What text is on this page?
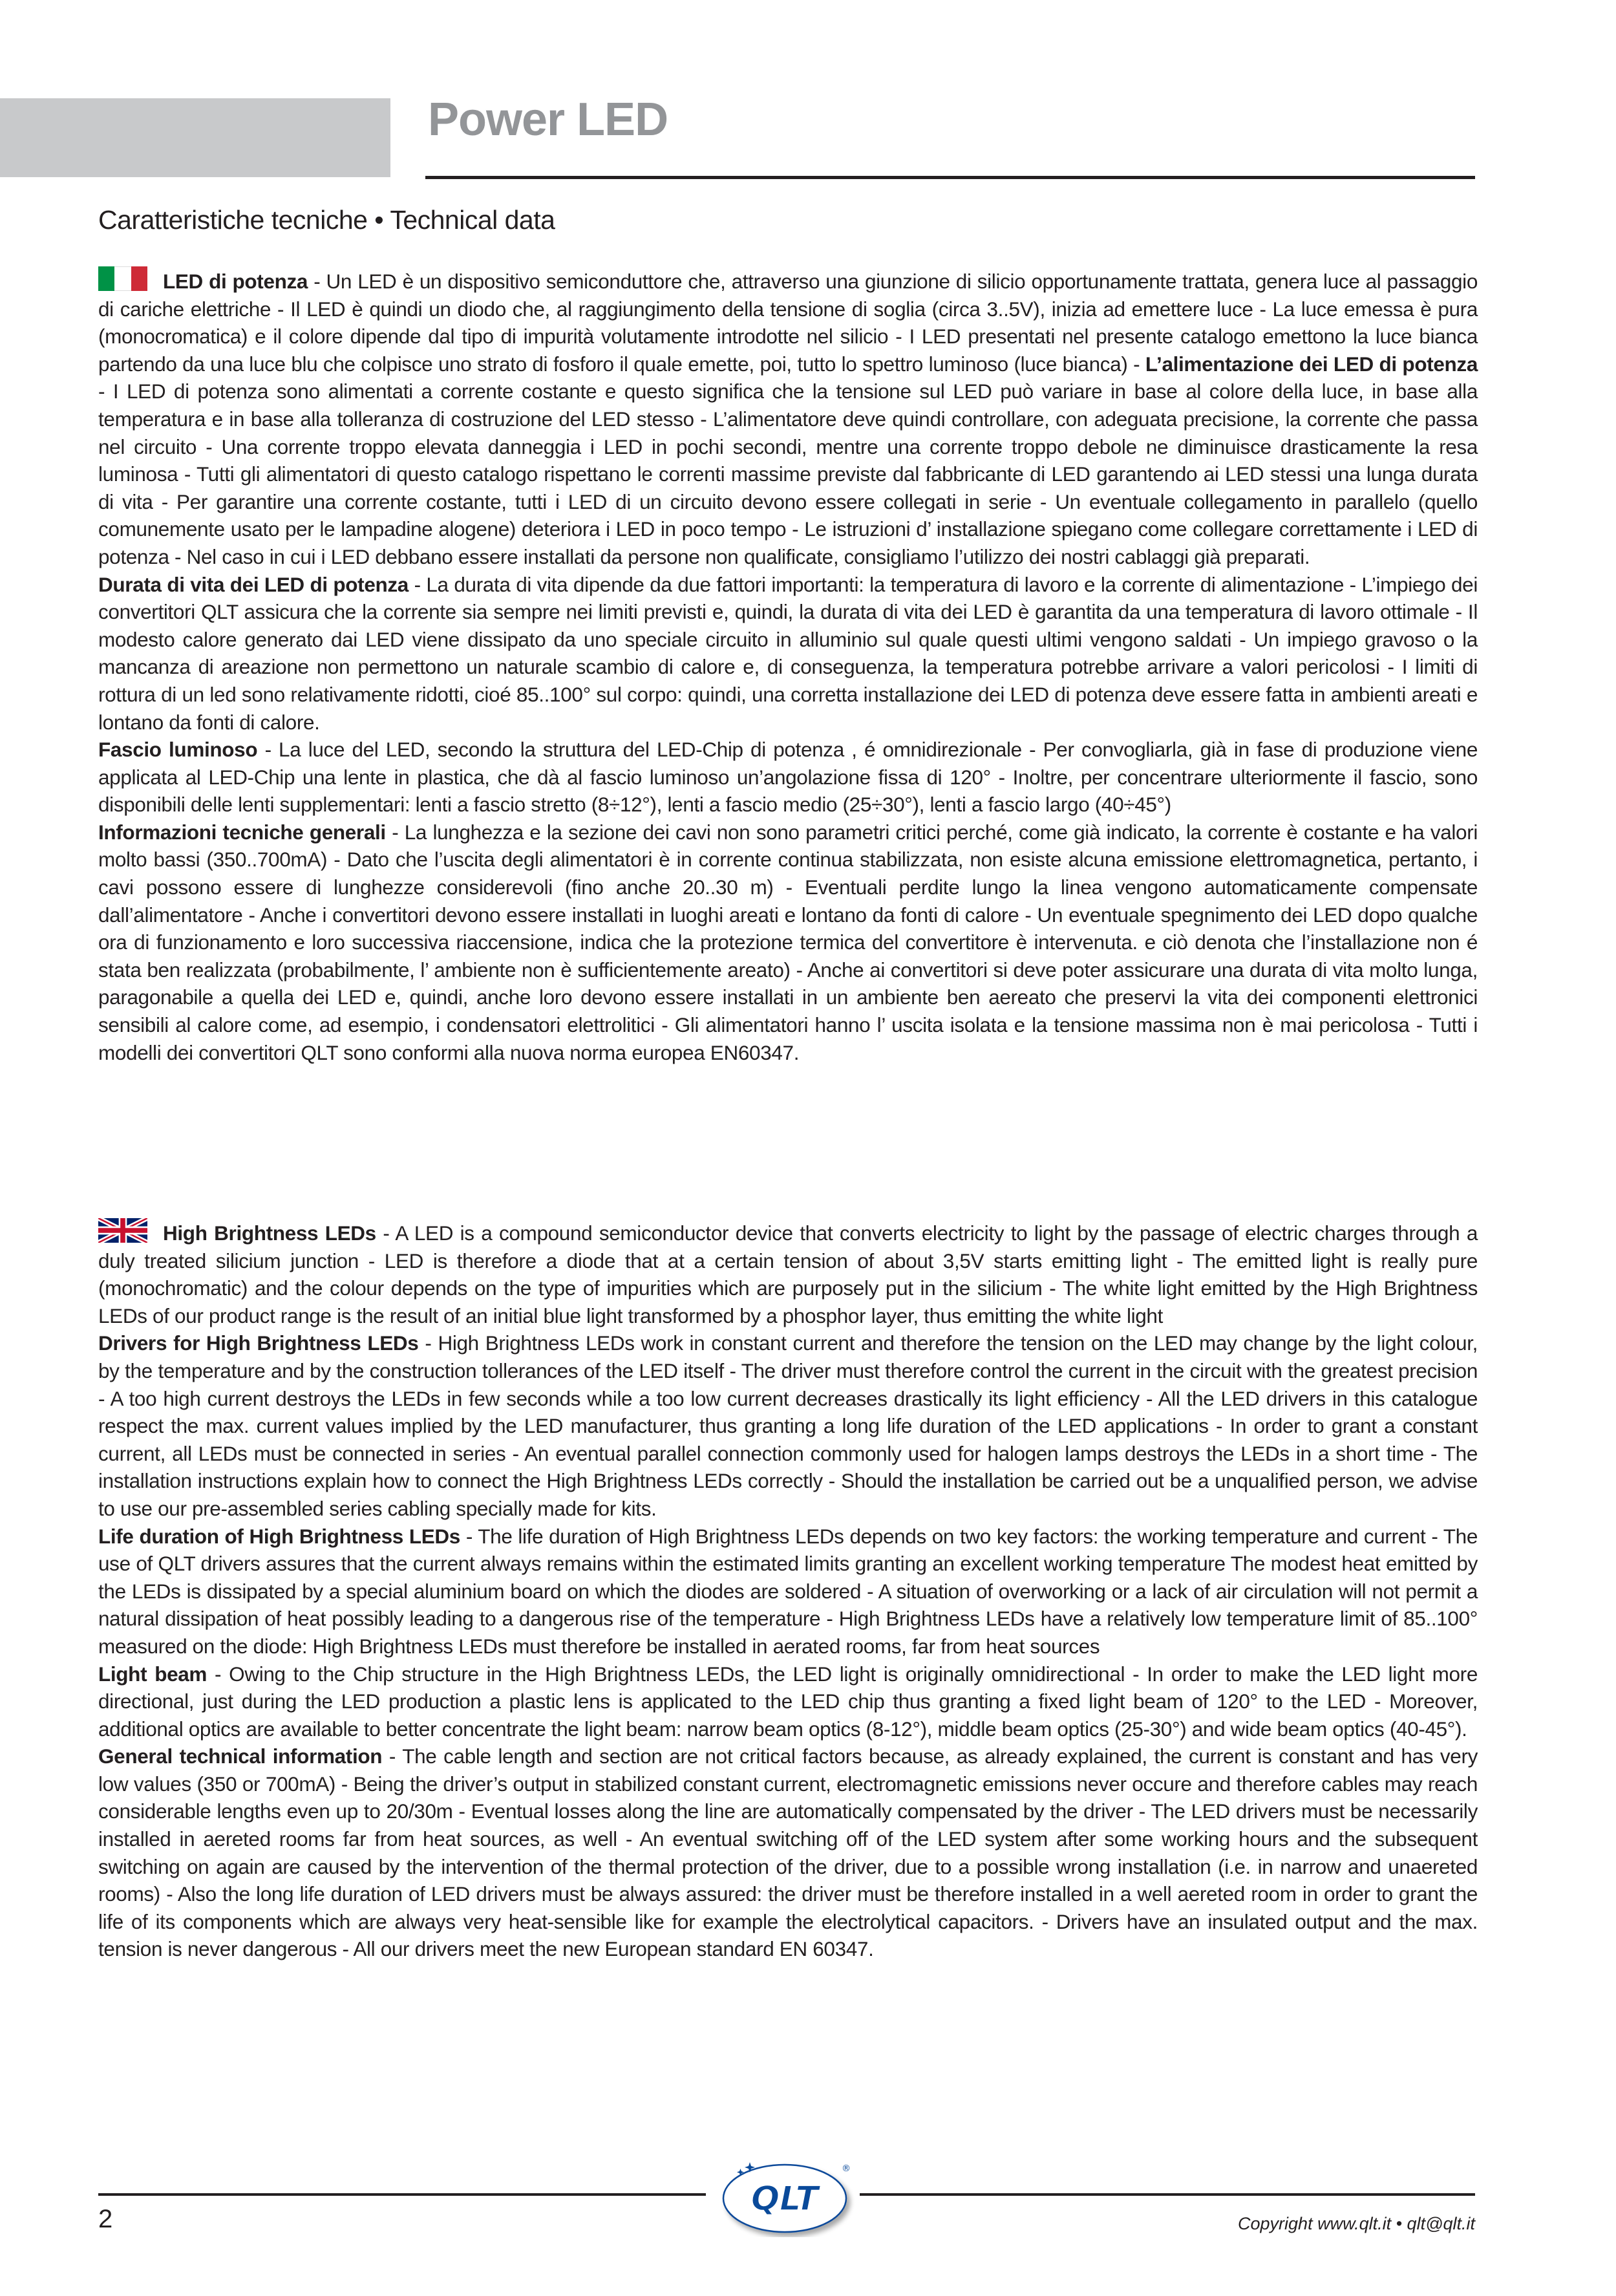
Power LED
Caratteristiche tecniche • Technical data

LED di potenza - Un LED è un dispositivo semiconduttore che, attraverso una giunzione di silicio opportunamente trattata, genera luce al passaggio di cariche elettriche - Il LED è quindi un diodo che, al raggiungimento della tensione di soglia (circa 3..5V), inizia ad emettere luce - La luce emessa è pura (monocromatica) e il colore dipende dal tipo di impurità volutamente introdotte nel silicio - I LED presentati nel presente catalogo emettono la luce bianca partendo da una luce blu che colpisce uno strato di fosforo il quale emette, poi, tutto lo spettro luminoso (luce bianca) - L’alimentazione dei LED di potenza - I LED di potenza sono alimentati a corrente costante e questo significa che la tensione sul LED può variare in base al colore della luce, in base alla temperatura e in base alla tolleranza di costruzione del LED stesso - L’alimentatore deve quindi controllare, con adeguata precisione, la corrente che passa nel circuito - Una corrente troppo elevata danneggia i LED in pochi secondi, mentre una corrente troppo debole ne diminuisce drasticamente la resa luminosa - Tutti gli alimentatori di questo catalogo rispettano le correnti massime previste dal fabbricante di LED garantendo ai LED stessi una lunga durata di vita - Per garantire una corrente costante, tutti i LED di un circuito devono essere collegati in serie - Un eventuale collegamento in parallelo (quello comunemente usato per le lampadine alogene) deteriora i LED in poco tempo - Le istruzioni d’ installazione spiegano come collegare correttamente i LED di potenza - Nel caso in cui i LED debbano essere installati da persone non qualificate, consigliamo l’utilizzo dei nostri cablaggi già preparati.

Durata di vita dei LED di potenza - La durata di vita dipende da due fattori importanti: la temperatura di lavoro e la corrente di alimentazione - L’impiego dei convertitori QLT assicura che la corrente sia sempre nei limiti previsti e, quindi, la durata di vita dei LED è garantita da una temperatura di lavoro ottimale - Il modesto calore generato dai LED viene dissipato da uno speciale circuito in alluminio sul quale questi ultimi vengono saldati - Un impiego gravoso o la mancanza di areazione non permettono un naturale scambio di calore e, di conseguenza, la temperatura potrebbe arrivare a valori pericolosi - I limiti di rottura di un led sono relativamente ridotti, cioé 85..100° sul corpo: quindi, una corretta installazione dei LED di potenza deve essere fatta in ambienti areati e lontano da fonti di calore.

Fascio luminoso - La luce del LED, secondo la struttura del LED-Chip di potenza , é omnidirezionale - Per convogliarla, già in fase di produzione viene applicata al LED-Chip una lente in plastica, che dà al fascio luminoso un’angolazione fissa di 120° - Inoltre, per concentrare ulteriormente il fascio, sono disponibili delle lenti supplementari: lenti a fascio stretto (8÷12°), lenti a fascio medio (25÷30°), lenti a fascio largo (40÷45°)

Informazioni tecniche generali - La lunghezza e la sezione dei cavi non sono parametri critici perché, come già indicato, la corrente è costante e ha valori molto bassi (350..700mA) - Dato che l’uscita degli alimentatori è in corrente continua stabilizzata, non esiste alcuna emissione elettromagnetica, pertanto, i cavi possono essere di lunghezze considerevoli (fino anche 20..30 m) - Eventuali perdite lungo la linea vengono automaticamente compensate dall’alimentatore - Anche i convertitori devono essere installati in luoghi areati e lontano da fonti di calore - Un eventuale spegnimento dei LED dopo qualche ora di funzionamento e loro successiva riaccensione, indica che la protezione termica del convertitore è intervenuta. e ciò denota che l’installazione non é stata ben realizzata (probabilmente, l’ ambiente non è sufficientemente areato) - Anche ai convertitori si deve poter assicurare una durata di vita molto lunga, paragonabile a quella dei LED e, quindi, anche loro devono essere installati in un ambiente ben aereato che preservi la vita dei componenti elettronici sensibili al calore come, ad esempio, i condensatori elettrolitici - Gli alimentatori hanno l’ uscita isolata e la tensione massima non è mai pericolosa - Tutti i modelli dei convertitori QLT sono conformi alla nuova norma europea EN60347.

High Brightness LEDs - A LED is a compound semiconductor device that converts electricity to light by the passage of electric charges through a duly treated silicium junction - LED is therefore a diode that at a certain tension of about 3,5V starts emitting light - The emitted light is really pure (monochromatic) and the colour depends on the type of impurities which are purposely put in the silicium - The white light emitted by the High Brightness LEDs of our product range is the result of an initial blue light transformed by a phosphor layer, thus emitting the white light

Drivers for High Brightness LEDs - High Brightness LEDs work in constant current and therefore the tension on the LED may change by the light colour, by the temperature and by the construction tollerances of the LED itself - The driver must therefore control the current in the circuit with the greatest precision - A too high current destroys the LEDs in few seconds while a too low current decreases drastically its light efficiency - All the LED drivers in this catalogue respect the max. current values implied by the LED manufacturer, thus granting a long life duration of the LED applications - In order to grant a constant current, all LEDs must be connected in series - An eventual parallel connection commonly used for halogen lamps destroys the LEDs in a short time - The installation instructions explain how to connect the High Brightness LEDs correctly - Should the installation be carried out be a unqualified person, we advise to use our pre-assembled series cabling specially made for kits.

Life duration of High Brightness LEDs - The life duration of High Brightness LEDs depends on two key factors: the working temperature and current - The use of QLT drivers assures that the current always remains within the estimated limits granting an excellent working temperature The modest heat emitted by the LEDs is dissipated by a special aluminium board on which the diodes are soldered - A situation of overworking or a lack of air circulation will not permit a natural dissipation of heat possibly leading to a dangerous rise of the temperature - High Brightness LEDs have a relatively low temperature limit of 85..100° measured on the diode: High Brightness LEDs must therefore be installed in aerated rooms, far from heat sources

Light beam - Owing to the Chip structure in the High Brightness LEDs, the LED light is originally omnidirectional - In order to make the LED light more directional, just during the LED production a plastic lens is applicated to the LED chip thus granting a fixed light beam of 120° to the LED - Moreover, additional optics are available to better concentrate the light beam: narrow beam optics (8-12°), middle beam optics (25-30°) and wide beam optics (40-45°).

General technical information - The cable length and section are not critical factors because, as already explained, the current is constant and has very low values (350 or 700mA) - Being the driver’s output in stabilized constant current, electromagnetic emissions never occure and therefore cables may reach considerable lengths even up to 20/30m - Eventual losses along the line are automatically compensated by the driver - The LED drivers must be necessarily installed in aereted rooms far from heat sources, as well - An eventual switching off of the LED system after some working hours and the subsequent switching on again are caused by the intervention of the thermal protection of the driver, due to a possible wrong installation (i.e. in narrow and unaereted rooms) - Also the long life duration of LED drivers must be always assured: the driver must be therefore installed in a well aereted room in order to grant the life of its components which are always very heat-sensible like for example the electrolytical capacitors. - Drivers have an insulated output and the max. tension is never dangerous - All our drivers meet the new European standard EN 60347.

QLT
®
2	Copyright www.qlt.it • qlt@qlt.it
